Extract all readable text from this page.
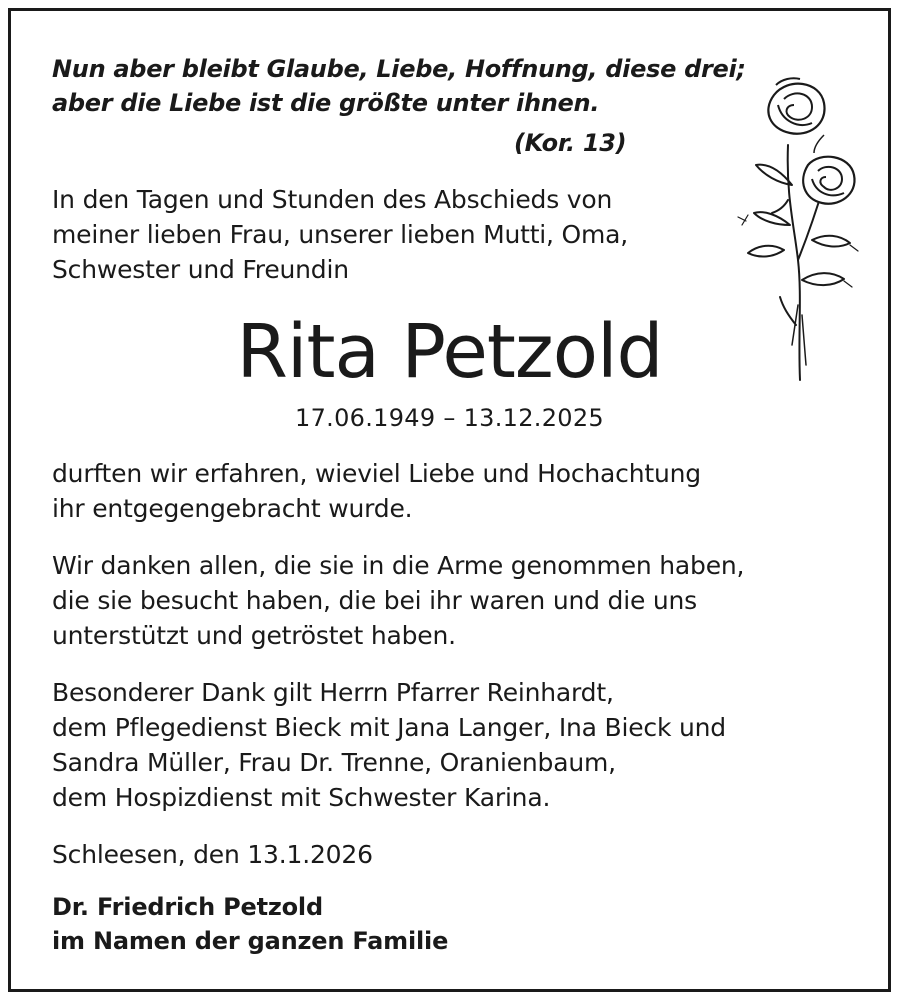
Nun aber bleibt Glaube, Liebe, Hoffnung, diese drei;
aber die Liebe ist die größte unter ihnen.
(Kor. 13)
In den Tagen und Stunden des Abschieds von
meiner lieben Frau, unserer lieben Mutti, Oma,
Schwester und Freundin
Rita Petzold
17.06.1949 – 13.12.2025
durften wir erfahren, wieviel Liebe und Hochachtung
ihr entgegengebracht wurde.
Wir danken allen, die sie in die Arme genommen haben,
die sie besucht haben, die bei ihr waren und die uns
unterstützt und getröstet haben.
Besonderer Dank gilt Herrn Pfarrer Reinhardt,
dem Pflegedienst Bieck mit Jana Langer, Ina Bieck und
Sandra Müller, Frau Dr. Trenne, Oranienbaum,
dem Hospizdienst mit Schwester Karina.
Schleesen, den 13.1.2026
Dr. Friedrich Petzold
im Namen der ganzen Familie
